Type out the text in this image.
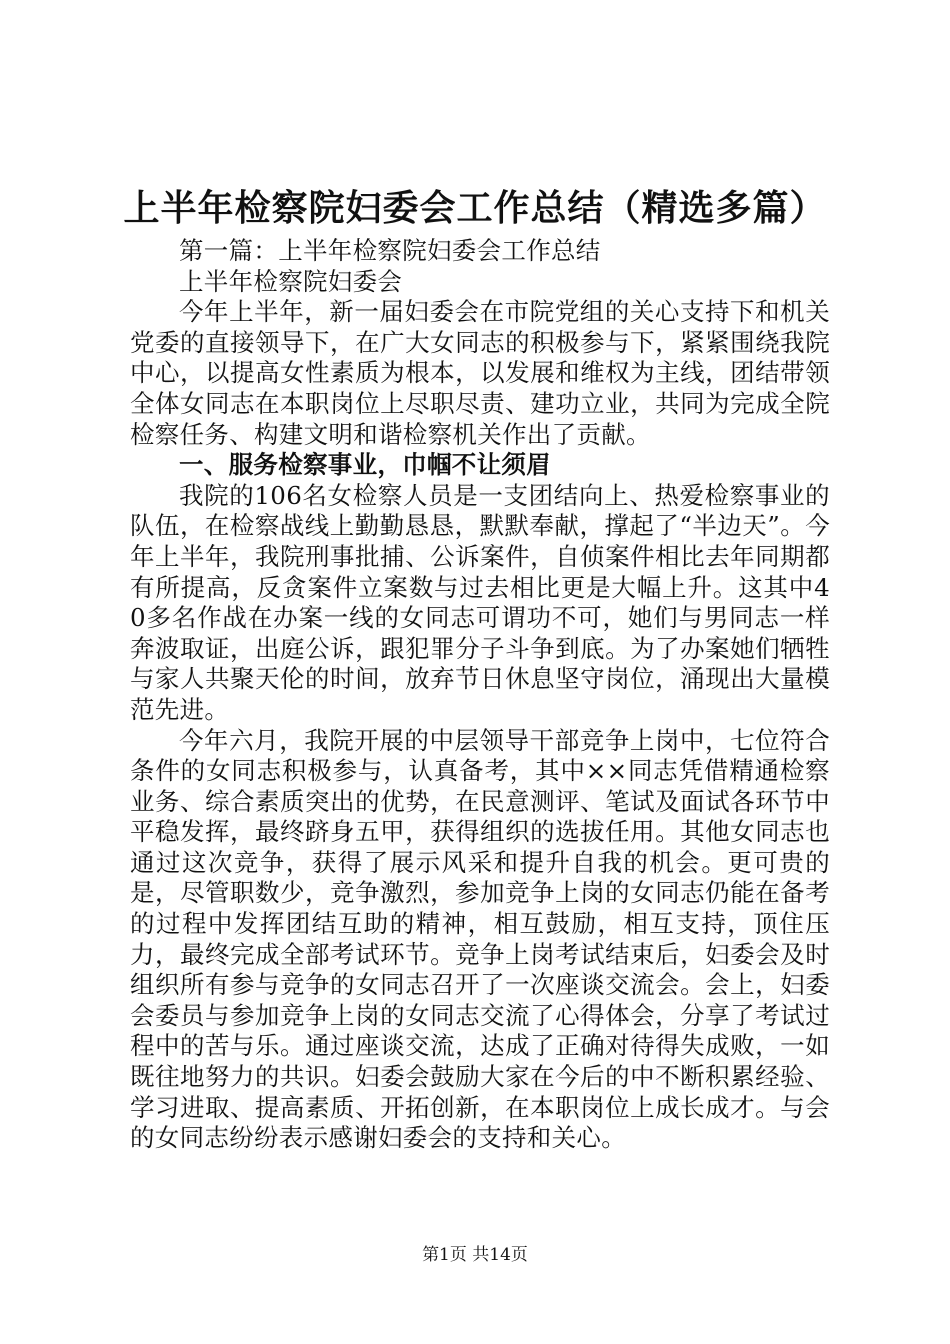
上半年检察院妇委会工作总结（精选多篇）

第一篇：上半年检察院妇委会工作总结

上半年检察院妇委会

今年上半年，新一届妇委会在市院党组的关心支持下和机关党委的直接领导下，在广大女同志的积极参与下，紧紧围绕我院中心，以提高女性素质为根本，以发展和维权为主线，团结带领全体女同志在本职岗位上尽职尽责、建功立业，共同为完成全院检察任务、构建文明和谐检察机关作出了贡献。

一、服务检察事业，巾帼不让须眉

我院的106名女检察人员是一支团结向上、热爱检察事业的队伍，在检察战线上勤勤恳恳，默默奉献，撑起了“半边天”。今年上半年，我院刑事批捕、公诉案件，自侦案件相比去年同期都有所提高，反贪案件立案数与过去相比更是大幅上升。这其中40多名作战在办案一线的女同志可谓功不可，她们与男同志一样奔波取证，出庭公诉，跟犯罪分子斗争到底。为了办案她们牺牲与家人共聚天伦的时间，放弃节日休息坚守岗位，涌现出大量模范先进。

今年六月，我院开展的中层领导干部竞争上岗中，七位符合条件的女同志积极参与，认真备考，其中××同志凭借精通检察业务、综合素质突出的优势，在民意测评、笔试及面试各环节中平稳发挥，最终跻身五甲，获得组织的选拔任用。其他女同志也通过这次竞争，获得了展示风采和提升自我的机会。更可贵的是，尽管职数少，竞争激烈，参加竞争上岗的女同志仍能在备考的过程中发挥团结互助的精神，相互鼓励，相互支持，顶住压力，最终完成全部考试环节。竞争上岗考试结束后，妇委会及时组织所有参与竞争的女同志召开了一次座谈交流会。会上，妇委会委员与参加竞争上岗的女同志交流了心得体会，分享了考试过程中的苦与乐。通过座谈交流，达成了正确对待得失成败，一如既往地努力的共识。妇委会鼓励大家在今后的中不断积累经验、学习进取、提高素质、开拓创新，在本职岗位上成长成才。与会的女同志纷纷表示感谢妇委会的支持和关心。

第1页 共14页
